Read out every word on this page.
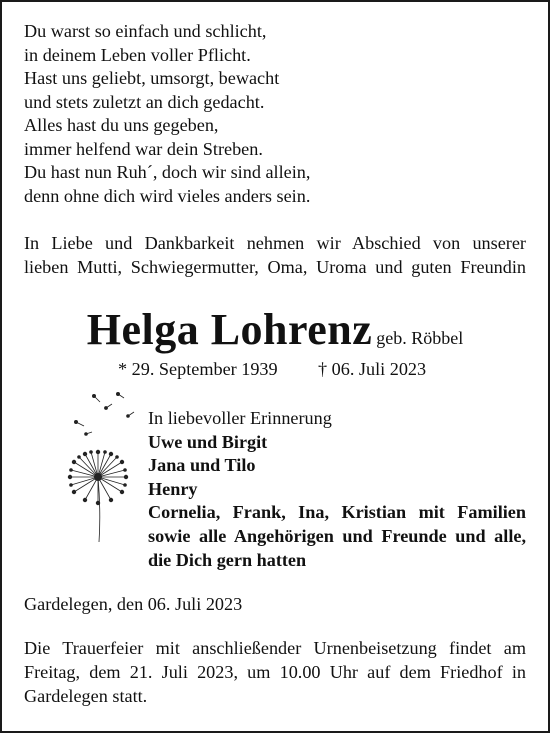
Du warst so einfach und schlicht,
in deinem Leben voller Pflicht.
Hast uns geliebt, umsorgt, bewacht
und stets zuletzt an dich gedacht.
Alles hast du uns gegeben,
immer helfend war dein Streben.
Du hast nun Ruh´, doch wir sind allein,
denn ohne dich wird vieles anders sein.
In Liebe und Dankbarkeit nehmen wir Abschied von unserer
lieben Mutti, Schwiegermutter, Oma, Uroma und guten Freundin
Helga Lohrenz geb. Röbbel
* 29. September 1939 † 06. Juli 2023
In liebevoller Erinnerung
Uwe und Birgit
Jana und Tilo
Henry
Cornelia, Frank, Ina, Kristian mit Familien
sowie alle Angehörigen und Freunde und alle,
die Dich gern hatten
Gardelegen, den 06. Juli 2023
Die Trauerfeier mit anschließender Urnenbeisetzung findet am
Freitag, dem 21. Juli 2023, um 10.00 Uhr auf dem Friedhof in
Gardelegen statt.
